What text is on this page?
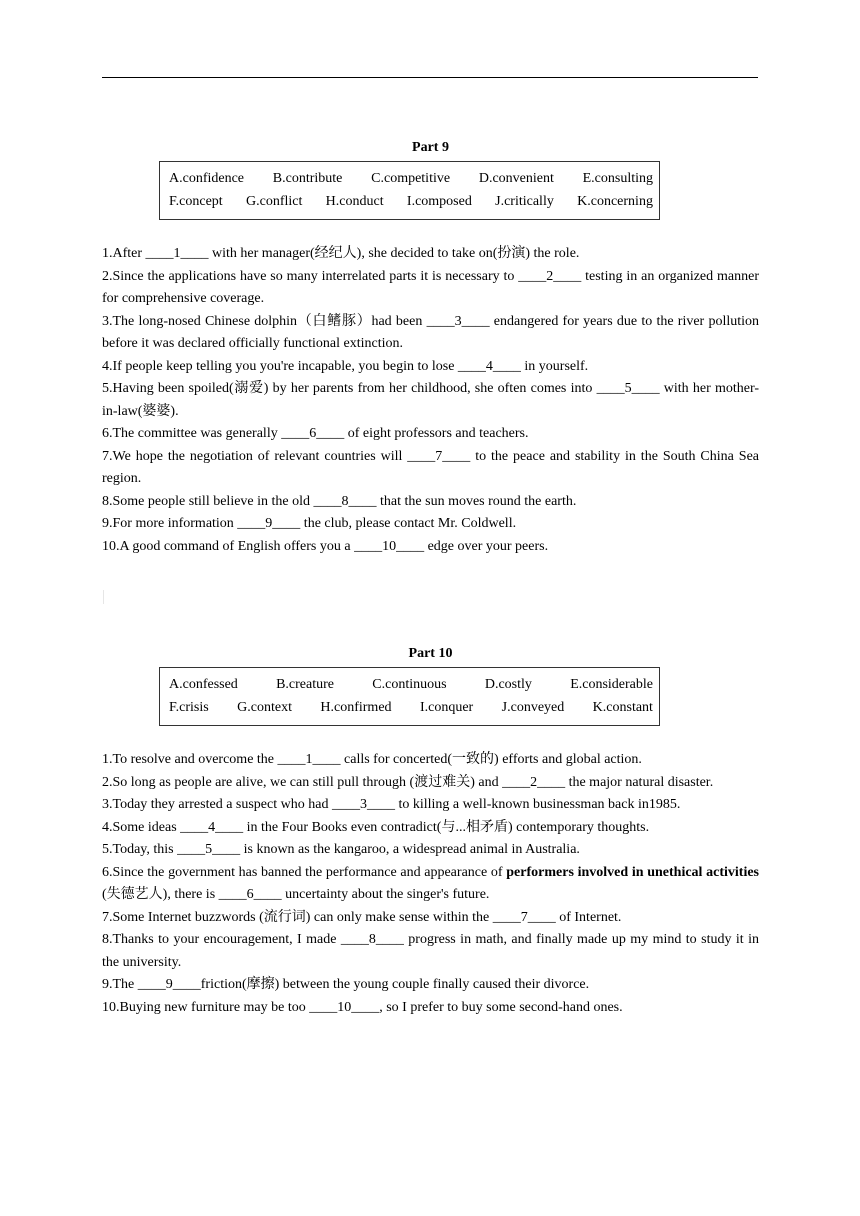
Part 9

A.confidence B.contribute C.competitive D.convenient E.consulting
F.concept G.conflict H.conduct I.composed J.critically K.concerning

1.After ____1____ with her manager(经纪人), she decided to take on(扮演) the role.

2.Since the applications have so many interrelated parts it is necessary to ____2____ testing in an organized manner for comprehensive coverage.

3.The long-nosed Chinese dolphin（白鳍豚）had been ____3____ endangered for years due to the river pollution before it was declared officially functional extinction.

4.If people keep telling you you're incapable, you begin to lose ____4____ in yourself.

5.Having been spoiled(溺爱) by her parents from her childhood, she often comes into ____5____ with her mother-in-law(婆婆).

6.The committee was generally ____6____ of eight professors and teachers.

7.We hope the negotiation of relevant countries will ____7____ to the peace and stability in the South China Sea region.

8.Some people still believe in the old ____8____ that the sun moves round the earth.

9.For more information ____9____ the club, please contact Mr. Coldwell.

10.A good command of English offers you a ____10____ edge over your peers.

Part 10

A.confessed	B.creature	C.continuous	D.costly	E.considerable
F.crisis G.context H.confirmed I.conquer J.conveyed K.constant

1.To resolve and overcome the ____1____ calls for concerted(一致的) efforts and global action.

2.So long as people are alive, we can still pull through (渡过难关) and ____2____ the major natural disaster.

3.Today they arrested a suspect who had ____3____ to killing a well-known businessman back in1985.

4.Some ideas ____4____ in the Four Books even contradict(与...相矛盾) contemporary thoughts.

5.Today, this ____5____ is known as the kangaroo, a widespread animal in Australia.

6.Since the government has banned the performance and appearance of performers involved in unethical activities (失德艺人), there is ____6____ uncertainty about the singer's future.

7.Some Internet buzzwords (流行词) can only make sense within the ____7____ of Internet.

8.Thanks to your encouragement, I made ____8____ progress in math, and finally made up my mind to study it in the university.

9.The ____9____friction(摩擦) between the young couple finally caused their divorce.

10.Buying new furniture may be too ____10____, so I prefer to buy some second-hand ones.
